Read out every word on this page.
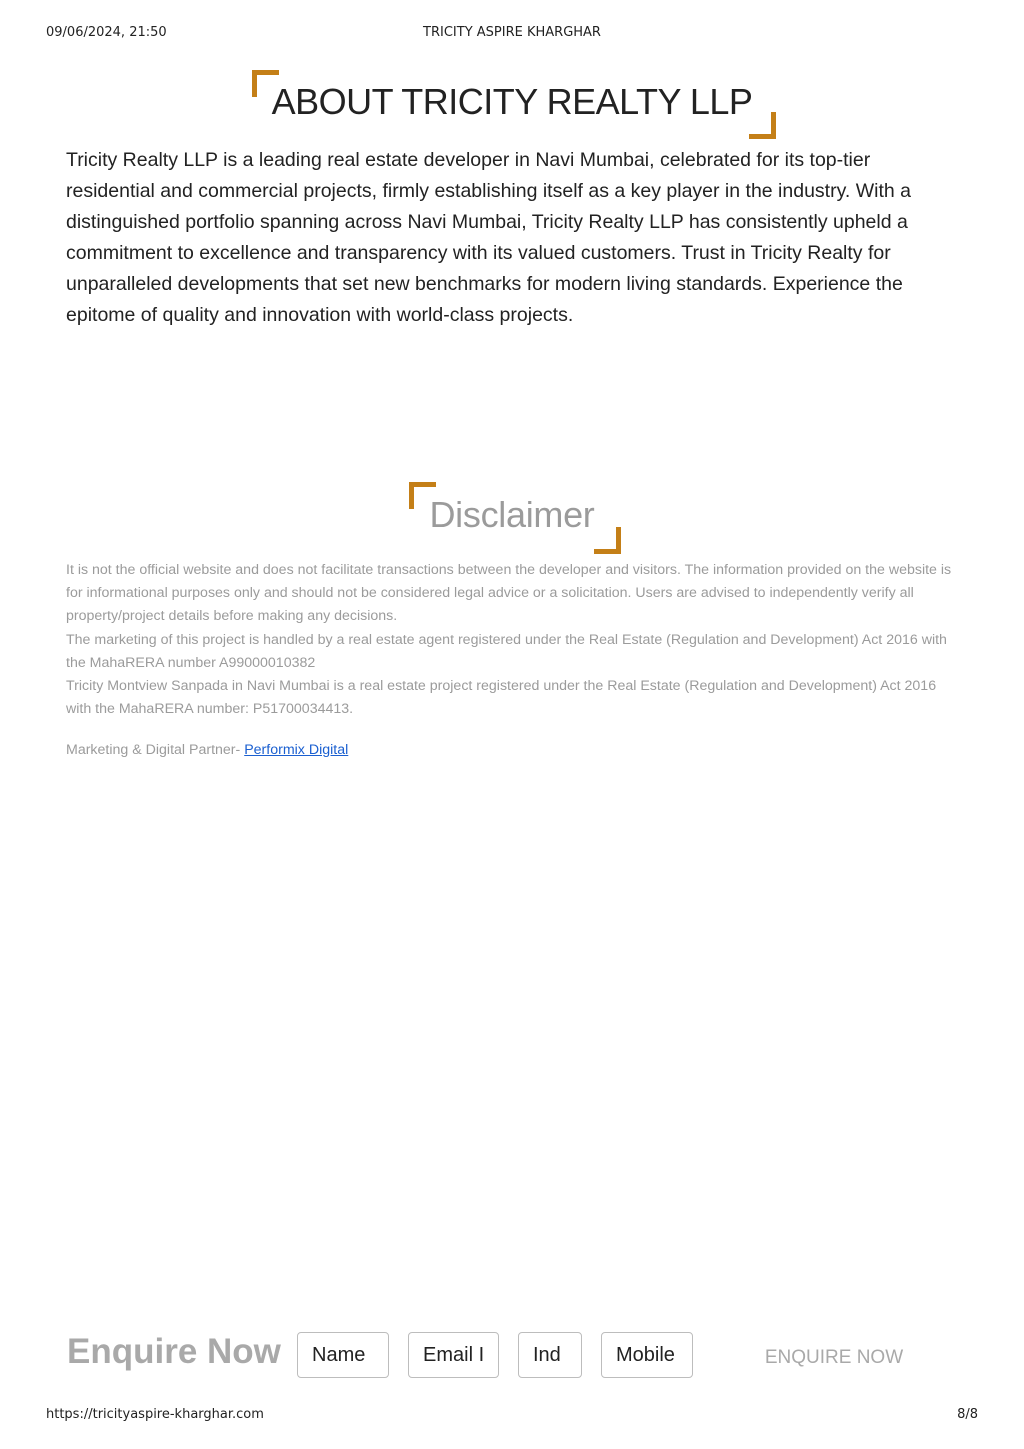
09/06/2024, 21:50	TRICITY ASPIRE KHARGHAR
ABOUT TRICITY REALTY LLP
Tricity Realty LLP is a leading real estate developer in Navi Mumbai, celebrated for its top-tier residential and commercial projects, firmly establishing itself as a key player in the industry. With a distinguished portfolio spanning across Navi Mumbai, Tricity Realty LLP has consistently upheld a commitment to excellence and transparency with its valued customers. Trust in Tricity Realty for unparalleled developments that set new benchmarks for modern living standards. Experience the epitome of quality and innovation with world-class projects.
Disclaimer

It is not the official website and does not facilitate transactions between the developer and visitors. The information provided on the website is for informational purposes only and should not be considered legal advice or a solicitation. Users are advised to independently verify all property/project details before making any decisions.

The marketing of this project is handled by a real estate agent registered under the Real Estate (Regulation and Development) Act 2016 with the MahaRERA number A99000010382

Tricity Montview Sanpada in Navi Mumbai is a real estate project registered under the Real Estate (Regulation and Development) Act 2016 with the MahaRERA number: P51700034413.

Marketing & Digital Partner- Performix Digital
Enquire Now	Name	Email I	Ind	Mobile	ENQUIRE NOW
https://tricityaspire-kharghar.com	8/8
